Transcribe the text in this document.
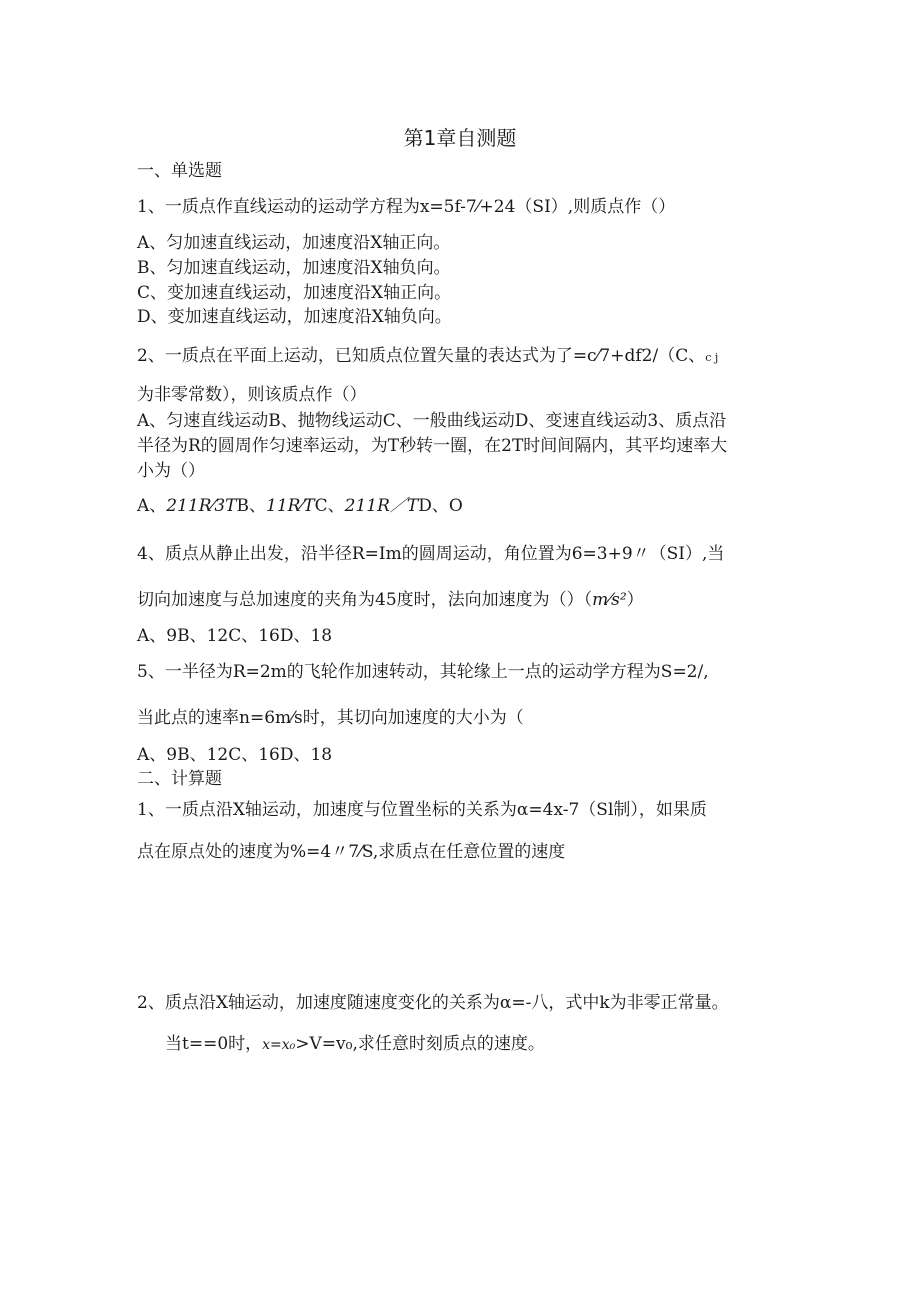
第1章自测题
一、单选题
1、一质点作直线运动的运动学方程为x=5f-7⁄+24（SI）,则质点作（）
A、匀加速直线运动，加速度沿X轴正向。
B、匀加速直线运动，加速度沿X轴负向。
C、变加速直线运动，加速度沿X轴正向。
D、变加速直线运动，加速度沿X轴负向。
2、一质点在平面上运动，已知质点位置矢量的表达式为了=c⁄7+df2/（C、c j
为非零常数），则该质点作（）
A、匀速直线运动B、抛物线运动C、一般曲线运动D、变速直线运动3、质点沿
半径为R的圆周作匀速率运动，为T秒转一圈，在2T时间间隔内，其平均速率大
小为（）
A、211R⁄3TB、11R⁄TC、211R／TD、O
4、质点从静止出发，沿半径R=Im的圆周运动，角位置为6=3+9〃（SI）,当
切向加速度与总加速度的夹角为45度时，法向加速度为（）（m⁄s²）
A、9B、12C、16D、18
5、一半径为R=2m的飞轮作加速转动，其轮缘上一点的运动学方程为S=2/,
当此点的速率n=6m⁄s时，其切向加速度的大小为（
A、9B、12C、16D、18
二、计算题
1、一质点沿X轴运动，加速度与位置坐标的关系为α=4x-7（Sl制），如果质
点在原点处的速度为%=4〃7⁄S,求质点在任意位置的速度
2、质点沿X轴运动，加速度随速度变化的关系为α=-八，式中k为非零正常量。
当t==0时，x=x₀>V=v₀,求任意时刻质点的速度。
